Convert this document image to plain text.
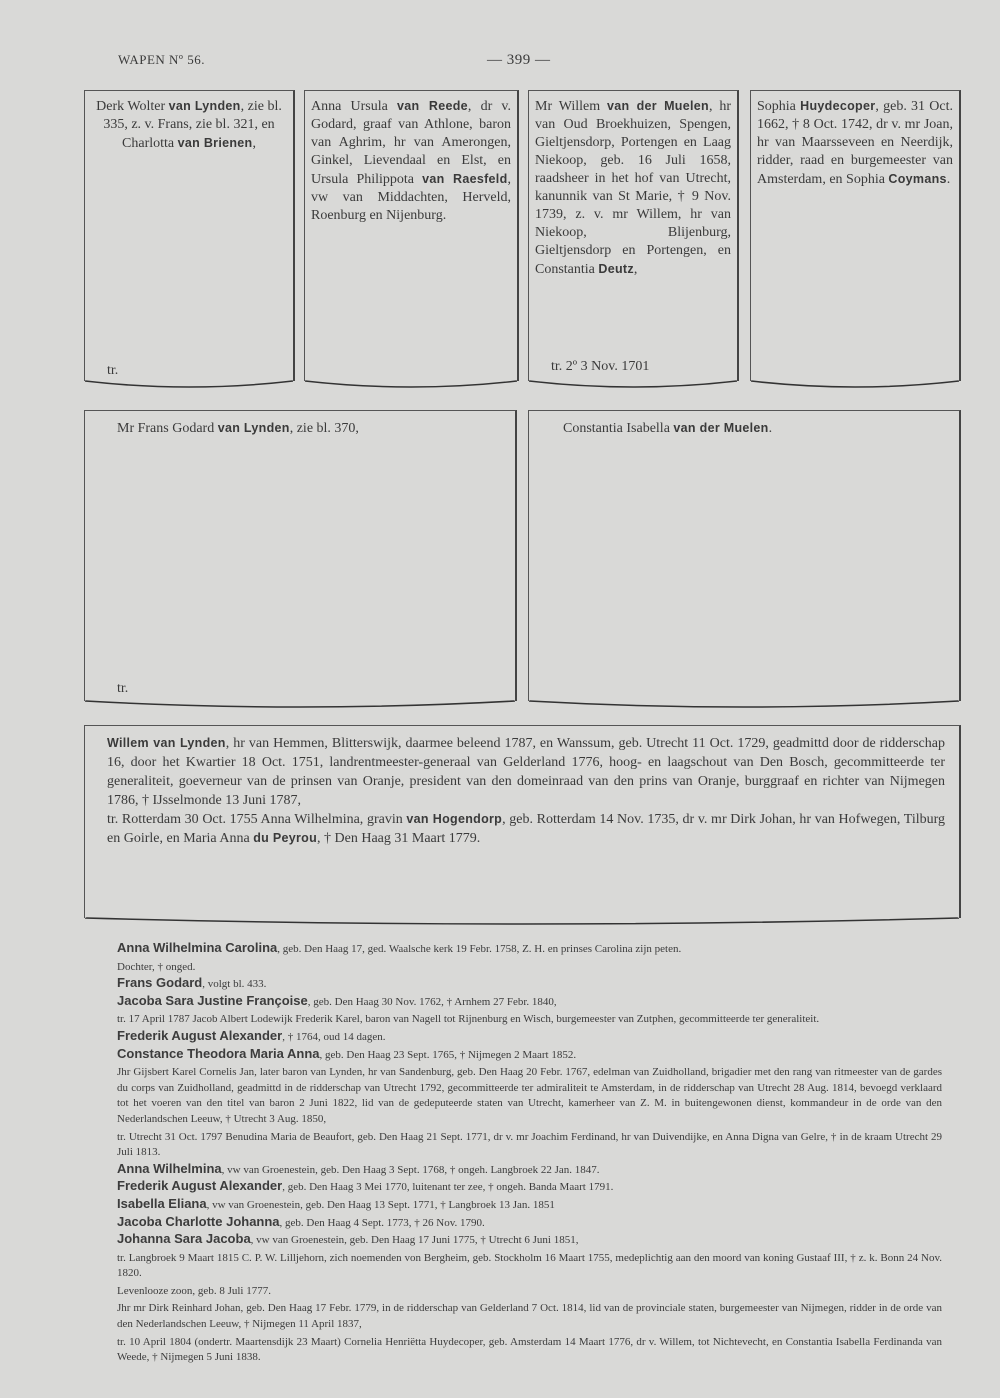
WAPEN Nº 56.	— 399 —
Derk Wolter van Lynden, zie bl. 335, z. v. Frans, zie bl. 321, en Charlotta van Brienen,
tr.
Anna Ursula van Reede, dr v. Godard, graaf van Athlone, baron van Aghrim, hr van Amerongen, Ginkel, Lievendaal en Elst, en Ursula Philippota van Raesfeld, vw van Middachten, Herveld, Roenburg en Nijenburg.
Mr Willem van der Muelen, hr van Oud Broekhuizen, Spengen, Gieltjensdorp, Portengen en Laag Niekoop, geb. 16 Juli 1658, raadsheer in het hof van Utrecht, kanunnik van St Marie, † 9 Nov. 1739, z. v. mr Willem, hr van Niekoop, Blijenburg, Gieltjensdorp en Portengen, en Constantia Deutz,
tr. 2º 3 Nov. 1701
Sophia Huydecoper, geb. 31 Oct. 1662, † 8 Oct. 1742, dr v. mr Joan, hr van Maarsseveen en Neerdijk, ridder, raad en burgemeester van Amsterdam, en Sophia Coymans.
Mr Frans Godard van Lynden, zie bl. 370,
tr.
Constantia Isabella van der Muelen.
Willem van Lynden, hr van Hemmen, Blitterswijk, daarmee beleend 1787, en Wanssum, geb. Utrecht 11 Oct. 1729, geadmittd door de ridderschap 16, door het Kwartier 18 Oct. 1751, landrentmeester-generaal van Gelderland 1776, hoog- en laagschout van Den Bosch, gecommitteerde ter generaliteit, goeverneur van de prinsen van Oranje, president van den domeinraad van den prins van Oranje, burggraaf en richter van Nijmegen 1786, † IJsselmonde 13 Juni 1787,
tr. Rotterdam 30 Oct. 1755 Anna Wilhelmina, gravin van Hogendorp, geb. Rotterdam 14 Nov. 1735, dr v. mr Dirk Johan, hr van Hofwegen, Tilburg en Goirle, en Maria Anna du Peyrou, † Den Haag 31 Maart 1779.

Anna Wilhelmina Carolina, geb. Den Haag 17, ged. Waalsche kerk 19 Febr. 1758, Z. H. en prinses Carolina zijn peten.

Dochter, † onged.

Frans Godard, volgt bl. 433.

Jacoba Sara Justine Françoise, geb. Den Haag 30 Nov. 1762, † Arnhem 27 Febr. 1840,

tr. 17 April 1787 Jacob Albert Lodewijk Frederik Karel, baron van Nagell tot Rijnenburg en Wisch, burgemeester van Zutphen, gecommitteerde ter generaliteit.

Frederik August Alexander, † 1764, oud 14 dagen.

Constance Theodora Maria Anna, geb. Den Haag 23 Sept. 1765, † Nijmegen 2 Maart 1852.

Jhr Gijsbert Karel Cornelis Jan, later baron van Lynden, hr van Sandenburg, geb. Den Haag 20 Febr. 1767, edelman van Zuidholland, brigadier met den rang van ritmeester van de gardes du corps van Zuidholland, geadmittd in de ridderschap van Utrecht 1792, gecommitteerde ter admiraliteit te Amsterdam, in de ridderschap van Utrecht 28 Aug. 1814, bevoegd verklaard tot het voeren van den titel van baron 2 Juni 1822, lid van de gedeputeerde staten van Utrecht, kamerheer van Z. M. in buitengewonen dienst, kommandeur in de orde van den Nederlandschen Leeuw, † Utrecht 3 Aug. 1850,

tr. Utrecht 31 Oct. 1797 Benudina Maria de Beaufort, geb. Den Haag 21 Sept. 1771, dr v. mr Joachim Ferdinand, hr van Duivendijke, en Anna Digna van Gelre, † in de kraam Utrecht 29 Juli 1813.

Anna Wilhelmina, vw van Groenestein, geb. Den Haag 3 Sept. 1768, † ongeh. Langbroek 22 Jan. 1847.

Frederik August Alexander, geb. Den Haag 3 Mei 1770, luitenant ter zee, † ongeh. Banda Maart 1791.

Isabella Eliana, vw van Groenestein, geb. Den Haag 13 Sept. 1771, † Langbroek 13 Jan. 1851

Jacoba Charlotte Johanna, geb. Den Haag 4 Sept. 1773, † 26 Nov. 1790.

Johanna Sara Jacoba, vw van Groenestein, geb. Den Haag 17 Juni 1775, † Utrecht 6 Juni 1851,

tr. Langbroek 9 Maart 1815 C. P. W. Lilljehorn, zich noemenden von Bergheim, geb. Stockholm 16 Maart 1755, medeplichtig aan den moord van koning Gustaaf III, † z. k. Bonn 24 Nov. 1820.

Levenlooze zoon, geb. 8 Juli 1777.

Jhr mr Dirk Reinhard Johan, geb. Den Haag 17 Febr. 1779, in de ridderschap van Gelderland 7 Oct. 1814, lid van de provinciale staten, burgemeester van Nijmegen, ridder in de orde van den Nederlandschen Leeuw, † Nijmegen 11 April 1837,

tr. 10 April 1804 (ondertr. Maartensdijk 23 Maart) Cornelia Henriëtta Huydecoper, geb. Amsterdam 14 Maart 1776, dr v. Willem, tot Nichtevecht, en Constantia Isabella Ferdinanda van Weede, † Nijmegen 5 Juni 1838.
